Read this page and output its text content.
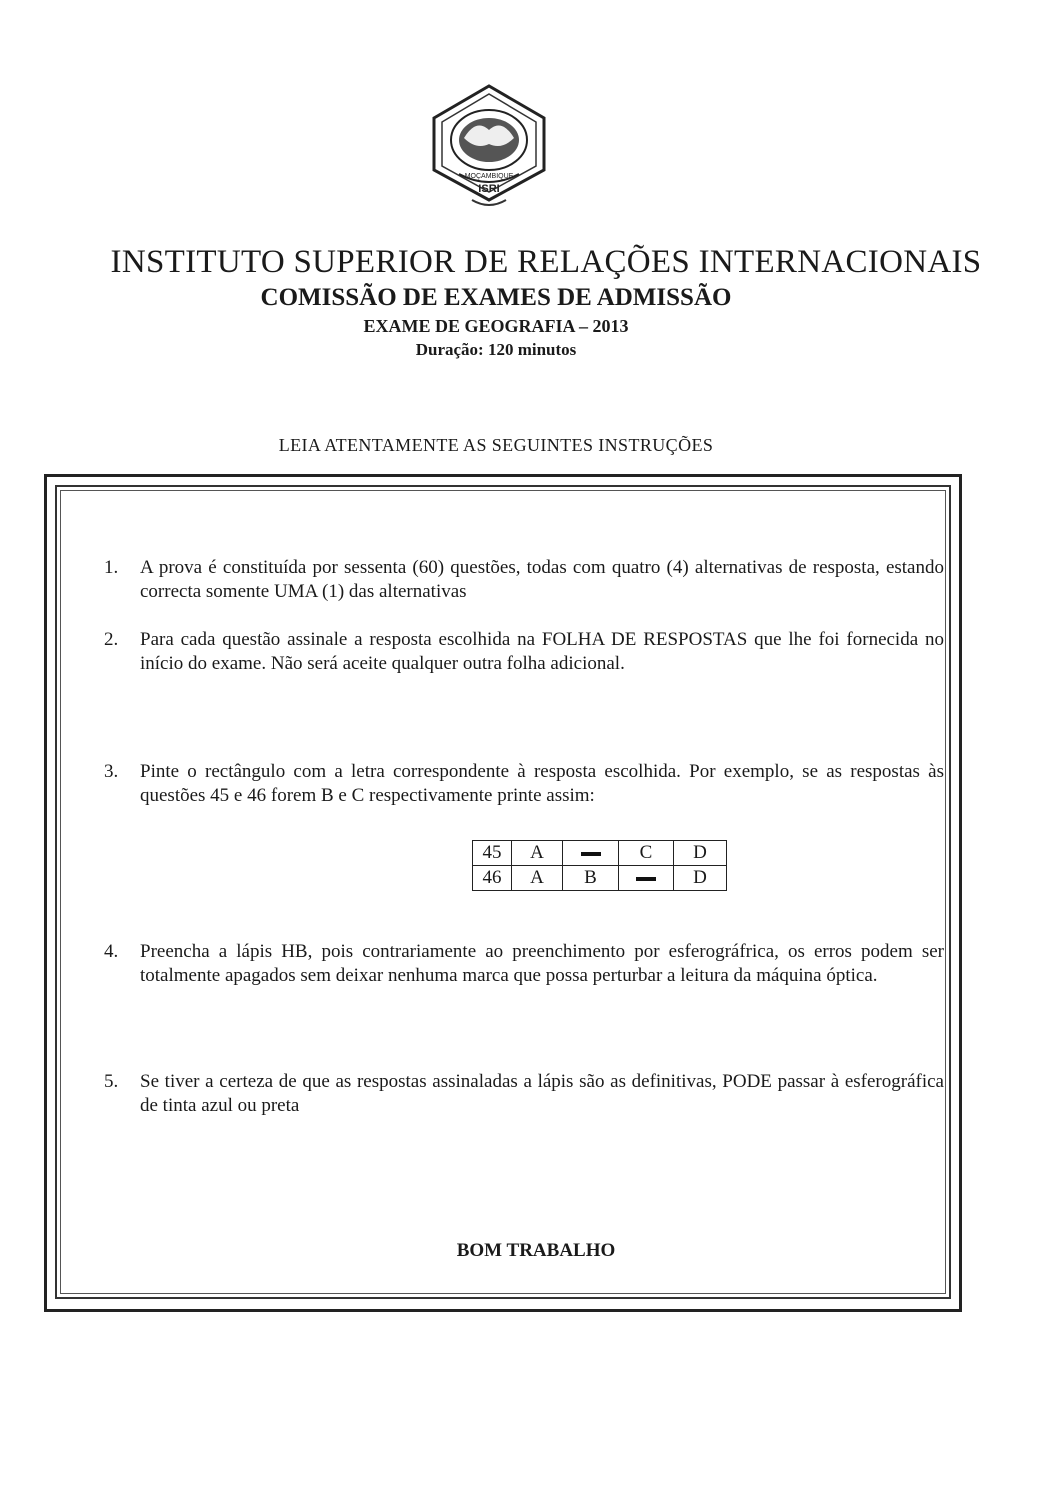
MOÇAMBIQUE
ISRI
INSTITUTO SUPERIOR DE RELAÇÕES INTERNACIONAIS
COMISSÃO DE EXAMES DE ADMISSÃO
EXAME DE GEOGRAFIA – 2013
Duração: 120 minutos
LEIA ATENTAMENTE AS SEGUINTES INSTRUÇÕES
1. A prova é constituída por sessenta (60) questões, todas com quatro (4) alternativas de resposta, estando correcta somente UMA (1) das alternativas
2. Para cada questão assinale a resposta escolhida na FOLHA DE RESPOSTAS que lhe foi fornecida no início do exame. Não será aceite qualquer outra folha adicional.
3. Pinte o rectângulo com a letra correspondente à resposta escolhida. Por exemplo, se as respostas às questões 45 e 46 forem B e C respectivamente printe assim:
45	A		C	D
46	A	B		D
4. Preencha a lápis HB, pois contrariamente ao preenchimento por esferográfrica, os erros podem ser totalmente apagados sem deixar nenhuma marca que possa perturbar a leitura da máquina óptica.
5. Se tiver a certeza de que as respostas assinaladas a lápis são as definitivas, PODE passar à esferográfica de tinta azul ou preta
BOM TRABALHO
